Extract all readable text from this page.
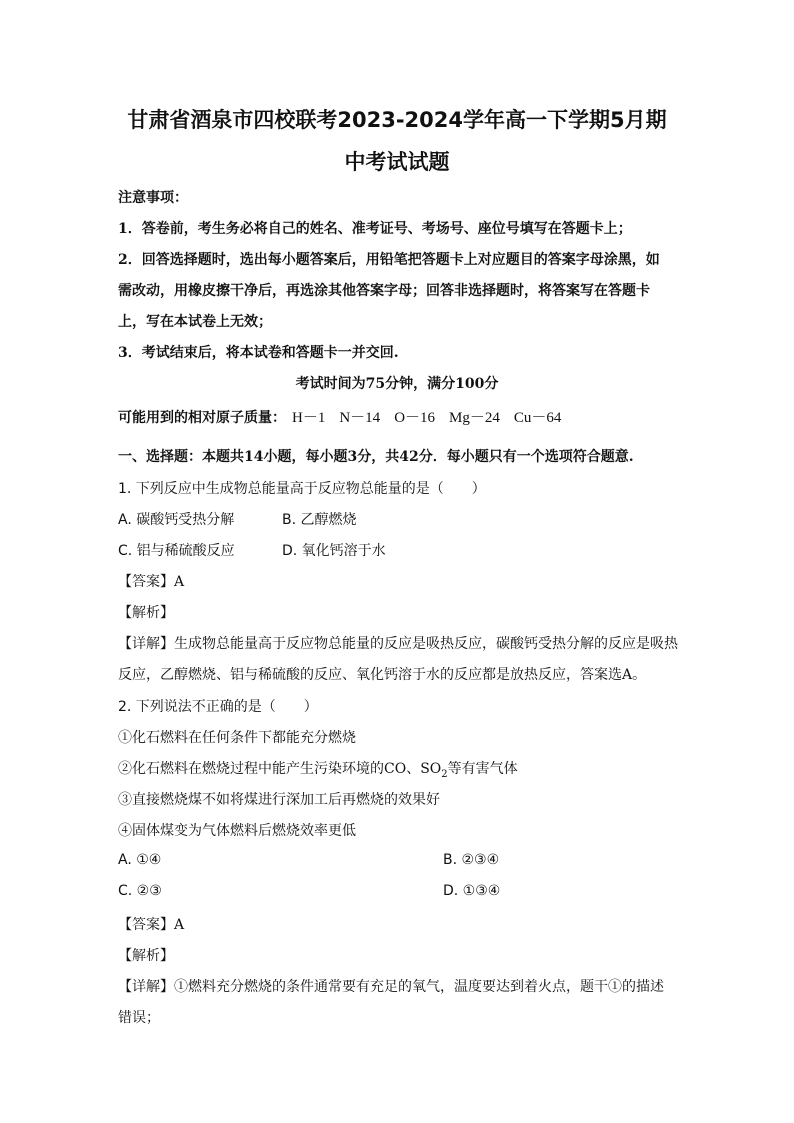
甘肃省酒泉市四校联考2023-2024学年高一下学期5月期
中考试试题
注意事项：
1．答卷前，考生务必将自己的姓名、准考证号、考场号、座位号填写在答题卡上；
2．回答选择题时，选出每小题答案后，用铅笔把答题卡上对应题目的答案字母涂黑，如
需改动，用橡皮擦干净后，再选涂其他答案字母；回答非选择题时，将答案写在答题卡
上，写在本试卷上无效；
3．考试结束后，将本试卷和答题卡一并交回.
考试时间为75分钟，满分100分
可能用到的相对原子质量： H－1 N－14 O－16 Mg－24 Cu－64
一、选择题：本题共14小题，每小题3分，共42分．每小题只有一个选项符合题意.
1. 下列反应中生成物总能量高于反应物总能量的是（　　）
A. 碳酸钙受热分解	B. 乙醇燃烧
C. 铝与稀硫酸反应	D. 氧化钙溶于水
【答案】A
【解析】
【详解】生成物总能量高于反应物总能量的反应是吸热反应，碳酸钙受热分解的反应是吸热
反应，乙醇燃烧、铝与稀硫酸的反应、氧化钙溶于水的反应都是放热反应，答案选A。
2. 下列说法不正确的是（　　）
①化石燃料在任何条件下都能充分燃烧
②化石燃料在燃烧过程中能产生污染环境的CO、$SO_2$等有害气体
③直接燃烧煤不如将煤进行深加工后再燃烧的效果好
④固体煤变为气体燃料后燃烧效率更低
A. ①④	B. ②③④
C. ②③	D. ①③④
【答案】A
【解析】
【详解】①燃料充分燃烧的条件通常要有充足的氧气，温度要达到着火点，题干①的描述
错误；
